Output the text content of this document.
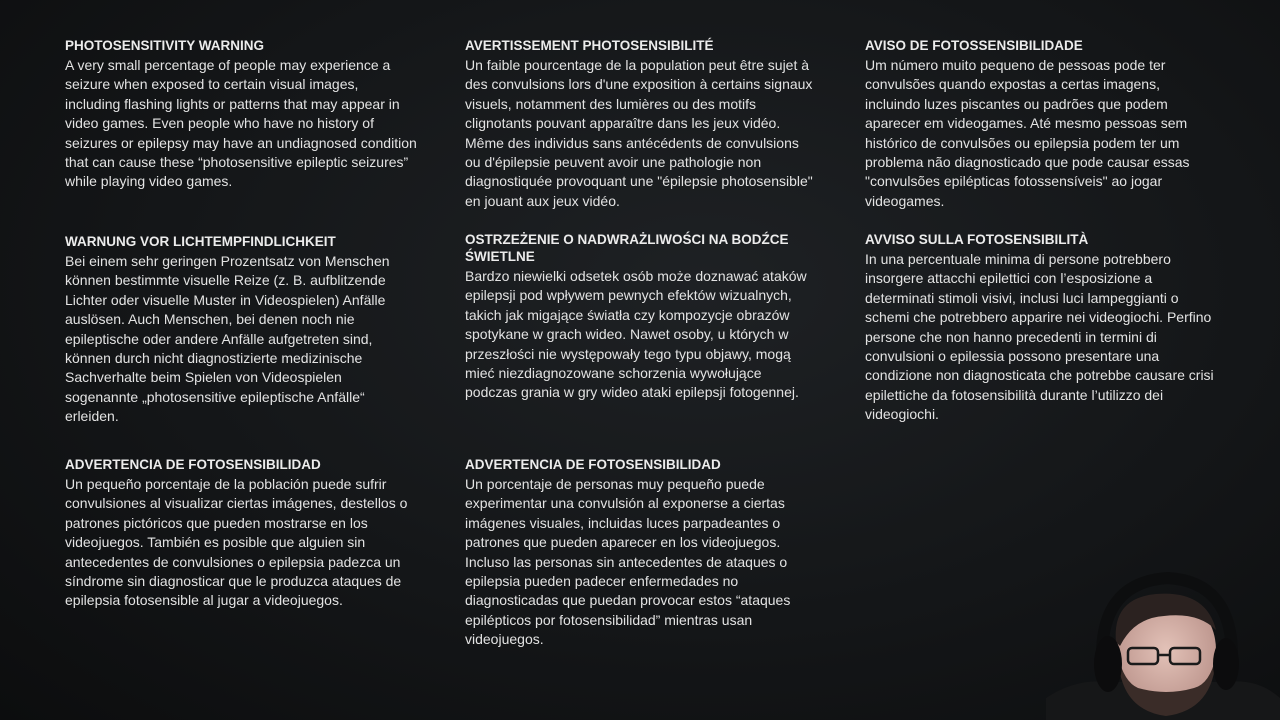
PHOTOSENSITIVITY WARNING

A very small percentage of people may experience a seizure when exposed to certain visual images, including flashing lights or patterns that may appear in video games. Even people who have no history of seizures or epilepsy may have an undiagnosed condition that can cause these “photosensitive epileptic seizures” while playing video games.

AVERTISSEMENT PHOTOSENSIBILITÉ

Un faible pourcentage de la population peut être sujet à des convulsions lors d'une exposition à certains signaux visuels, notamment des lumières ou des motifs clignotants pouvant apparaître dans les jeux vidéo. Même des individus sans antécédents de convulsions ou d'épilepsie peuvent avoir une pathologie non diagnostiquée provoquant une "épilepsie photosensible" en jouant aux jeux vidéo.

AVISO DE FOTOSSENSIBILIDADE

Um número muito pequeno de pessoas pode ter convulsões quando expostas a certas imagens, incluindo luzes piscantes ou padrões que podem aparecer em videogames. Até mesmo pessoas sem histórico de convulsões ou epilepsia podem ter um problema não diagnosticado que pode causar essas "convulsões epilépticas fotossensíveis" ao jogar videogames.

WARNUNG VOR LICHTEMPFINDLICHKEIT

Bei einem sehr geringen Prozentsatz von Menschen können bestimmte visuelle Reize (z. B. aufblitzende Lichter oder visuelle Muster in Videospielen) Anfälle auslösen. Auch Menschen, bei denen noch nie epileptische oder andere Anfälle aufgetreten sind, können durch nicht diagnostizierte medizinische Sachverhalte beim Spielen von Videospielen sogenannte „photosensitive epileptische Anfälle“ erleiden.

OSTRZEŻENIE O NADWRAŻLIWOŚCI NA BODŹCE ŚWIETLNE

Bardzo niewielki odsetek osób może doznawać ataków epilepsji pod wpływem pewnych efektów wizualnych, takich jak migające światła czy kompozycje obrazów spotykane w grach wideo. Nawet osoby, u których w przeszłości nie występowały tego typu objawy, mogą mieć niezdiagnozowane schorzenia wywołujące podczas grania w gry wideo ataki epilepsji fotogennej.

AVVISO SULLA FOTOSENSIBILITÀ

In una percentuale minima di persone potrebbero insorgere attacchi epilettici con l’esposizione a determinati stimoli visivi, inclusi luci lampeggianti o schemi che potrebbero apparire nei videogiochi. Perfino persone che non hanno precedenti in termini di convulsioni o epilessia possono presentare una condizione non diagnosticata che potrebbe causare crisi epilettiche da fotosensibilità durante l’utilizzo dei videogiochi.

ADVERTENCIA DE FOTOSENSIBILIDAD

Un pequeño porcentaje de la población puede sufrir convulsiones al visualizar ciertas imágenes, destellos o patrones pictóricos que pueden mostrarse en los videojuegos. También es posible que alguien sin antecedentes de convulsiones o epilepsia padezca un síndrome sin diagnosticar que le produzca ataques de epilepsia fotosensible al jugar a videojuegos.

ADVERTENCIA DE FOTOSENSIBILIDAD

Un porcentaje de personas muy pequeño puede experimentar una convulsión al exponerse a ciertas imágenes visuales, incluidas luces parpadeantes o patrones que pueden aparecer en los videojuegos. Incluso las personas sin antecedentes de ataques o epilepsia pueden padecer enfermedades no diagnosticadas que puedan provocar estos “ataques epilépticos por fotosensibilidad” mientras usan videojuegos.
